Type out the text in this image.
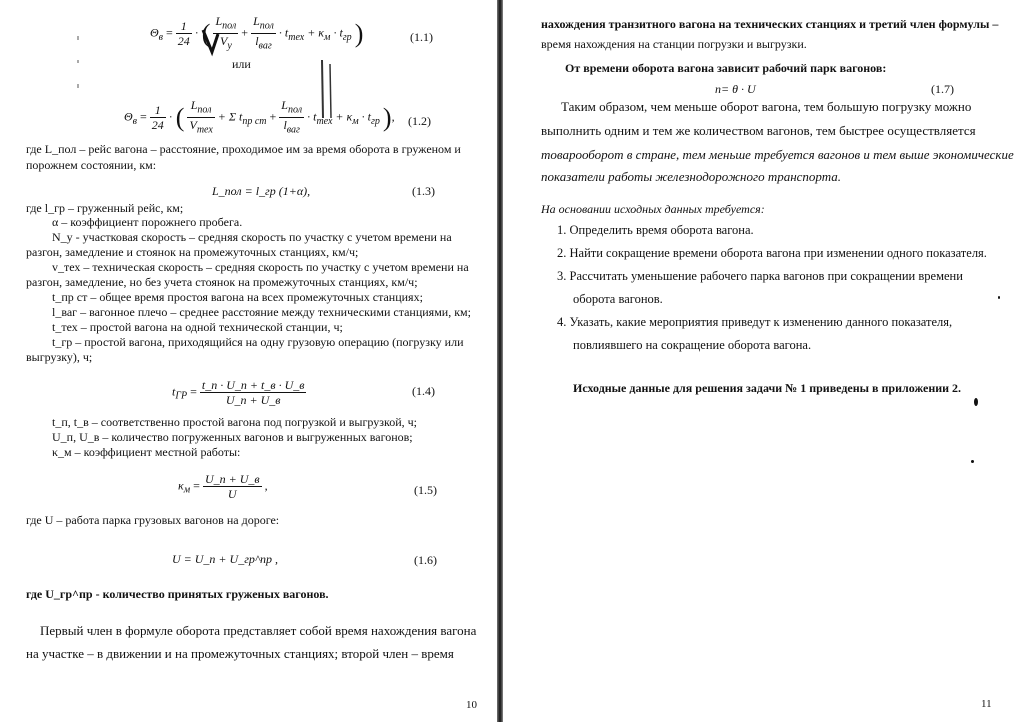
$\Theta_в = \frac{1}{24}$ · ( $\frac{L_{пол}}{V_у} + \frac{L_{пол}}{l_{ваг}} \cdot t_{тех} + \kappa_м \cdot t_{гр}$ )	(1.1)
или
$\Theta_в = \frac{1}{24}$ · ( $\frac{L_{пол}}{V_{тех}} + \Sigma$ $t_{пр ст} + \frac{L_{пол}}{l_{ваг}} \cdot t_{тех} + \kappa_м \cdot t_{гр}$ ), (1.2)
где L_пол – рейс вагона – расстояние, проходимое им за время оборота в груженом и
порожнем состоянии, км:
L_пол = l_гр (1+α),	(1.3)
где l_гр – груженный рейс, км;
α – коэффициент порожнего пробега.
N_у - участковая скорость – средняя скорость по участку с учетом времени на
разгон, замедление и стоянок на промежуточных станциях, км/ч;
v_тех – техническая скорость – средняя скорость по участку с учетом времени на
разгон, замедление, но без учета стоянок на промежуточных станциях, км/ч;
t_пр ст – общее время простоя вагона на всех промежуточных станциях;
l_ваг – вагонное плечо – среднее расстояние между техническими станциями, км;
t_тех – простой вагона на одной технической станции, ч;
t_гр – простой вагона, приходящийся на одну грузовую операцию (погрузку или
выгрузку), ч;
$t_{ГР} = \frac{t\_п \cdot U\_п + t\_в \cdot U\_в}{U\_п + U\_в}$	(1.4)
t_п, t_в – соответственно простой вагона под погрузкой и выгрузкой, ч;
U_п, U_в – количество погруженных вагонов и выгруженных вагонов;
κ_м – коэффициент местной работы:
$\kappa_м = \frac{U\_п + U\_в}{U}$ ,	(1.5)
где U – работа парка грузовых вагонов на дороге:
U = U_п + U_гр^пр ,	(1.6)
где U_гр^пр - количество принятых груженых вагонов.
Первый член в формуле оборота представляет собой время нахождения вагона
на участке – в движении и на промежуточных станциях; второй член – время
10
нахождения транзитного вагона на технических станциях и третий член формулы –
время нахождения на станции погрузки и выгрузки.
От времени оборота вагона зависит рабочий парк вагонов:
n= θ · U	(1.7)
Таким образом, чем меньше оборот вагона, тем большую погрузку можно
выполнить одним и тем же количеством вагонов, тем быстрее осуществляется
товарооборот в стране, тем меньше требуется вагонов и тем выше экономические
показатели работы железнодорожного транспорта.
На основании исходных данных требуется:
1. Определить время оборота вагона.
2. Найти сокращение времени оборота вагона при изменении одного показателя.
3. Рассчитать уменьшение рабочего парка вагонов при сокращении времени
оборота вагонов.
4. Указать, какие мероприятия приведут к изменению данного показателя,
повлиявшего на сокращение оборота вагона.
Исходные данные для решения задачи № 1 приведены в приложении 2.
11
